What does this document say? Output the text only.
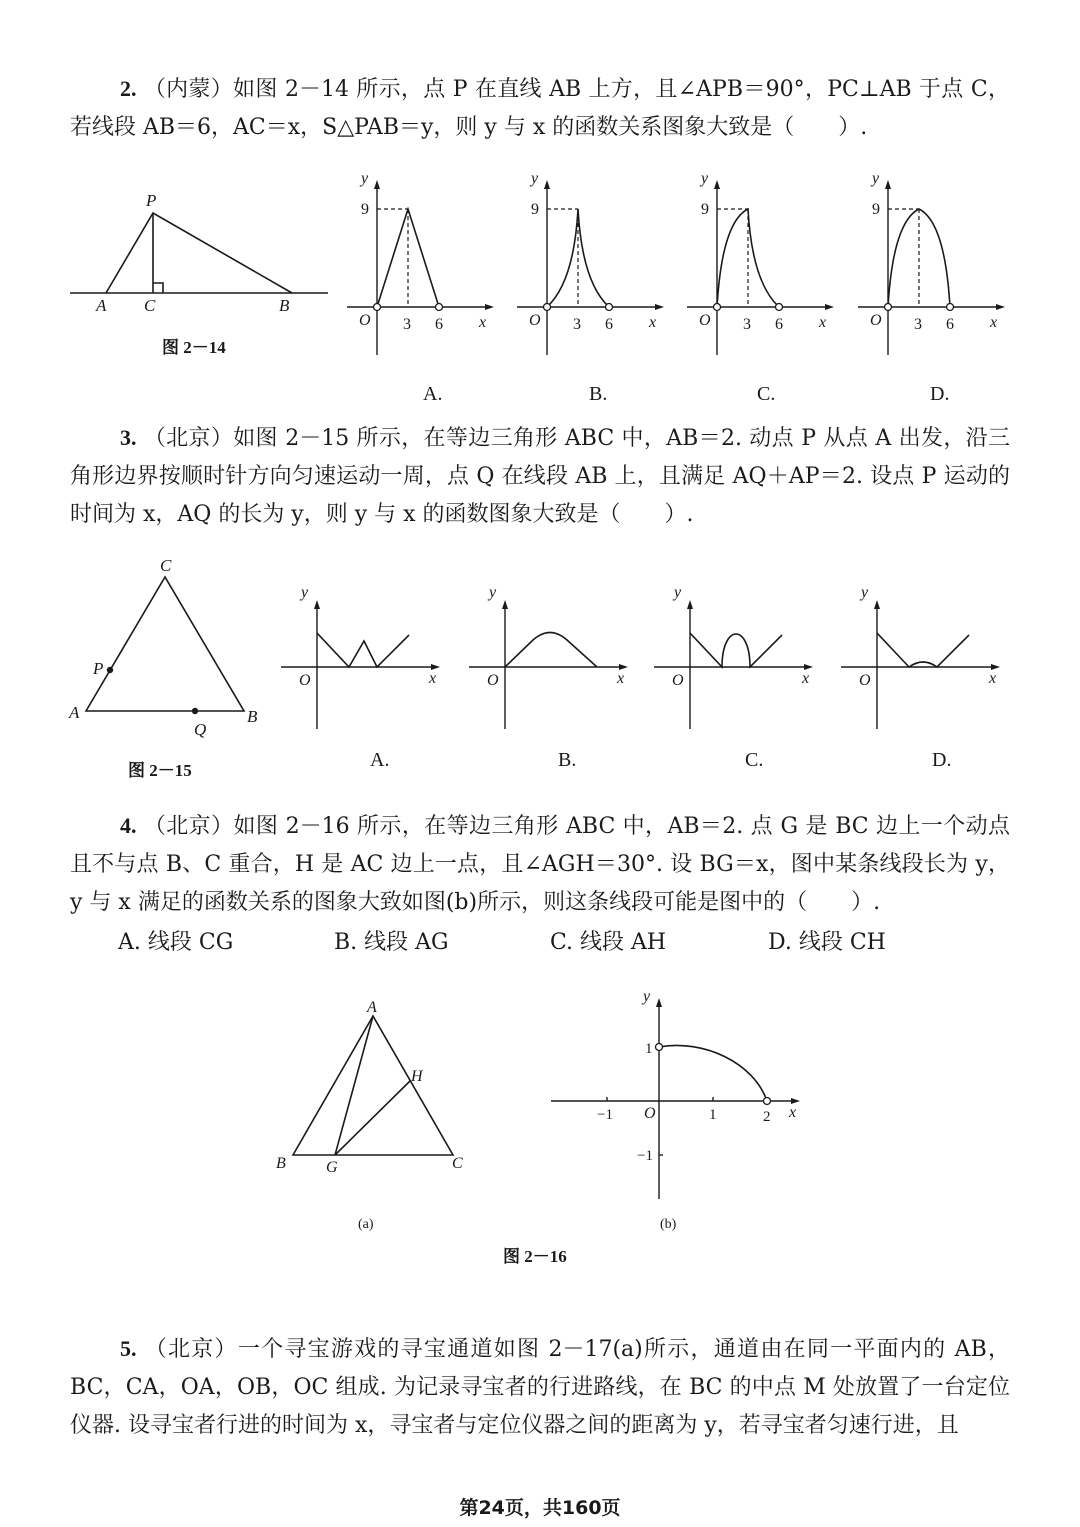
2. （内蒙）如图 2－14 所示，点 P 在直线 AB 上方，且∠APB＝90°，PC⊥AB 于点 C，若线段 AB＝6，AC＝x，S△PAB＝y，则 y 与 x 的函数关系图象大致是（　　）.

3. （北京）如图 2－15 所示，在等边三角形 ABC 中，AB＝2. 动点 P 从点 A 出发，沿三角形边界按顺时针方向匀速运动一周，点 Q 在线段 AB 上，且满足 AQ＋AP＝2. 设点 P 运动的时间为 x，AQ 的长为 y，则 y 与 x 的函数图象大致是（　　）.

4. （北京）如图 2－16 所示，在等边三角形 ABC 中，AB＝2. 点 G 是 BC 边上一个动点且不与点 B、C 重合，H 是 AC 边上一点，且∠AGH＝30°. 设 BG＝x，图中某条线段长为 y，y 与 x 满足的函数关系的图象大致如图(b)所示，则这条线段可能是图中的（　　）.

A. 线段 CG	B. 线段 AG	C. 线段 AH	D. 线段 CH

5. （北京）一个寻宝游戏的寻宝通道如图 2－17(a)所示，通道由在同一平面内的 AB，BC，CA，OA，OB，OC 组成. 为记录寻宝者的行进路线，在 BC 的中点 M 处放置了一台定位仪器. 设寻宝者行进的时间为 x，寻宝者与定位仪器之间的距离为 y，若寻宝者匀速行进，且

P
A C	B
图 2－14
y
9
O 3 6 x
A.
y
9
O 3 6 x
B.
y
9
O 3 6 x
C.
y
9
O 3 6 x
D.
C
P
A
Q
B
图 2－15
y
O	x
A.
y
O	x
B.
y
O	x
C.
y
O	x
D.
A
H
B	G	C
(a)
y
1
−1
O
−1	1	2 x
(b)
图 2－16
第24页，共160页
